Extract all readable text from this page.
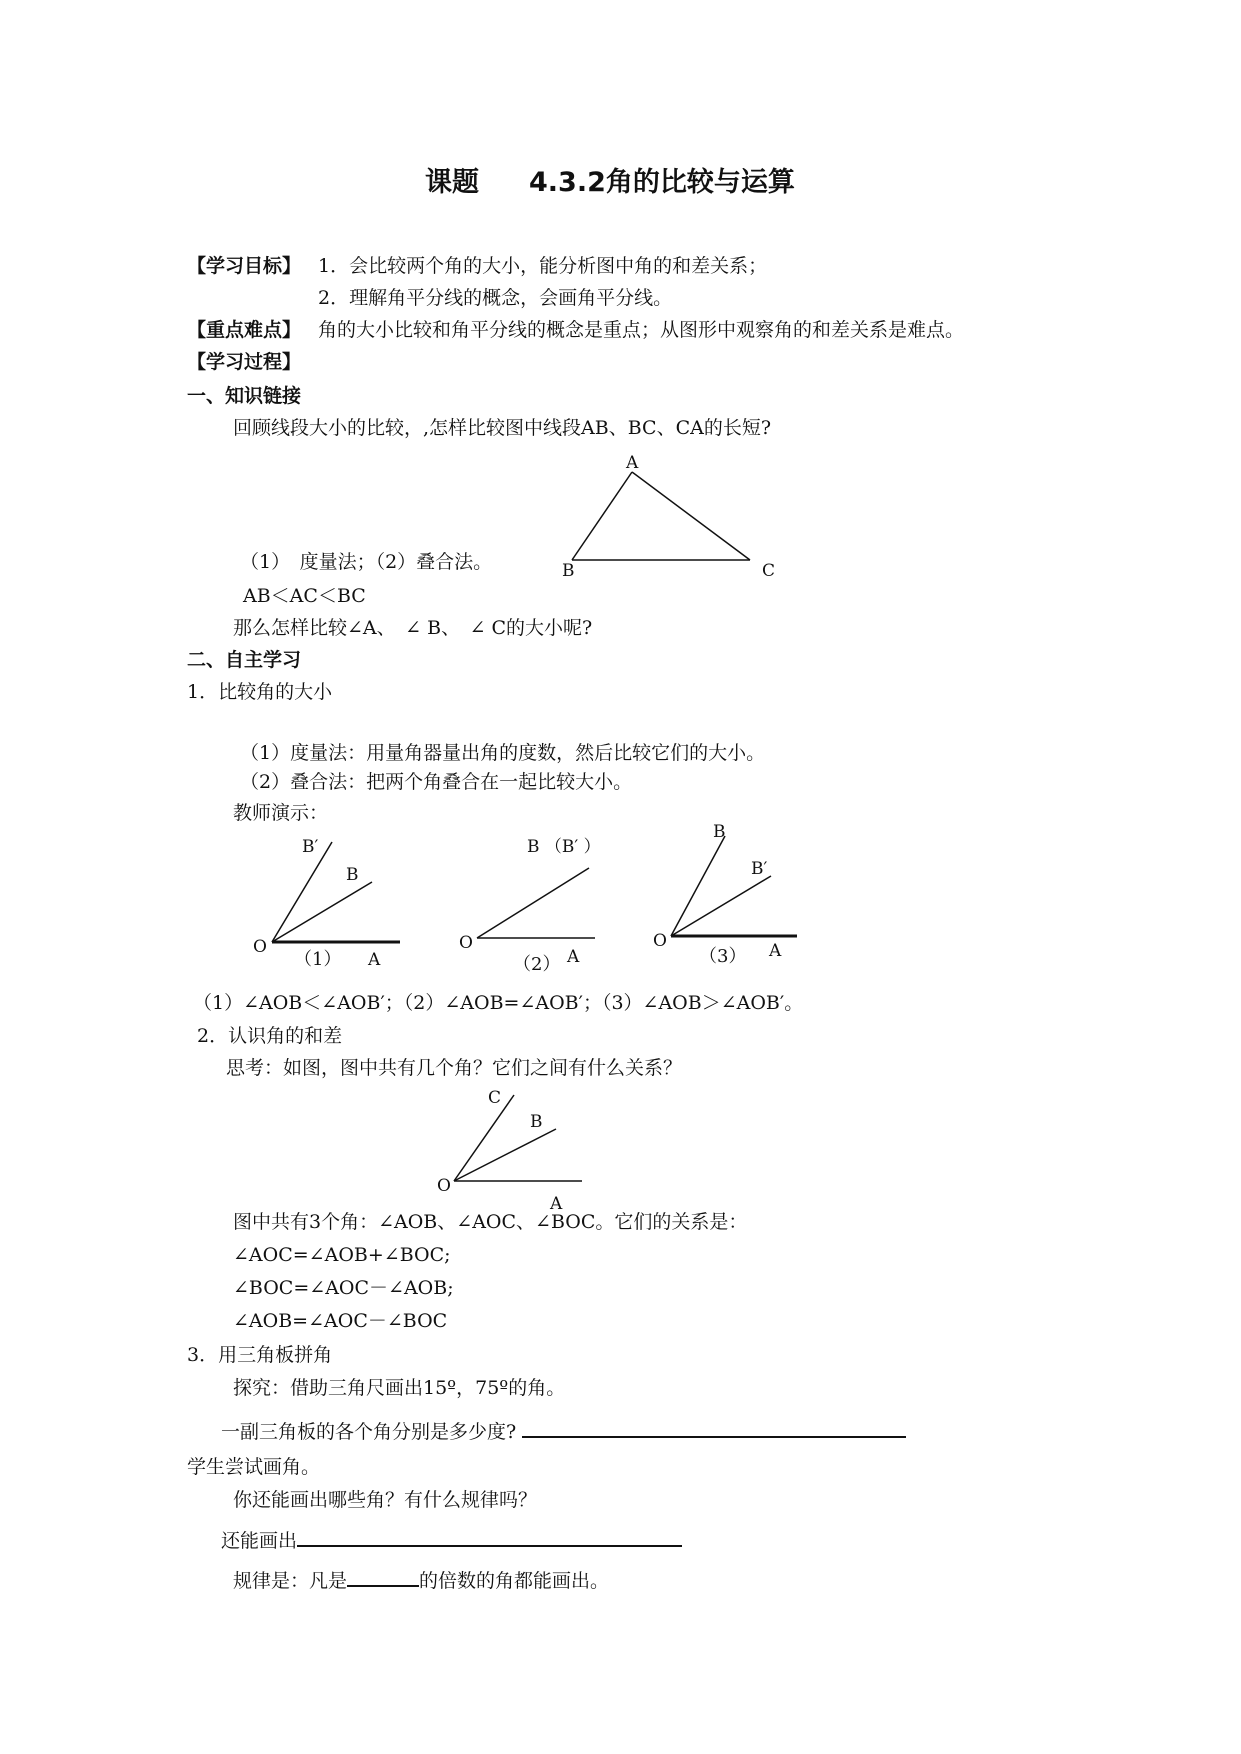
课题 4.3.2角的比较与运算
【学习目标】 1．会比较两个角的大小，能分析图中角的和差关系；
2．理解角平分线的概念，会画角平分线。
【重点难点】 角的大小比较和角平分线的概念是重点；从图形中观察角的和差关系是难点。
【学习过程】
一、知识链接
回顾线段大小的比较，,怎样比较图中线段AB、BC、CA的长短?
A
B	C
（1）　度量法；（2）叠合法。
AB＜AC＜BC
那么怎样比较∠A、　∠ B、　∠ C的大小呢?
二、自主学习
1．比较角的大小
（1）度量法：用量角器量出角的度数，然后比较它们的大小。
（2）叠合法：把两个角叠合在一起比较大小。
教师演示：
B′
B
O
A
（1）
B （B′ ）
O
A
（2）
B
B′
O	A
（3）
（1）∠AOB＜∠AOB′；（2）∠AOB=∠AOB′；（3）∠AOB＞∠AOB′。
2．认识角的和差
思考：如图，图中共有几个角？它们之间有什么关系？
C
B
O
A
图中共有3个角：∠AOB、∠AOC、∠BOC。它们的关系是：
∠AOC=∠AOB+∠BOC;
∠BOC=∠AOC－∠AOB;
∠AOB=∠AOC－∠BOC
3．用三角板拼角
探究：借助三角尺画出15º，75º的角。
一副三角板的各个角分别是多少度?
学生尝试画角。
你还能画出哪些角？有什么规律吗？
还能画出
规律是：凡是	的倍数的角都能画出。
